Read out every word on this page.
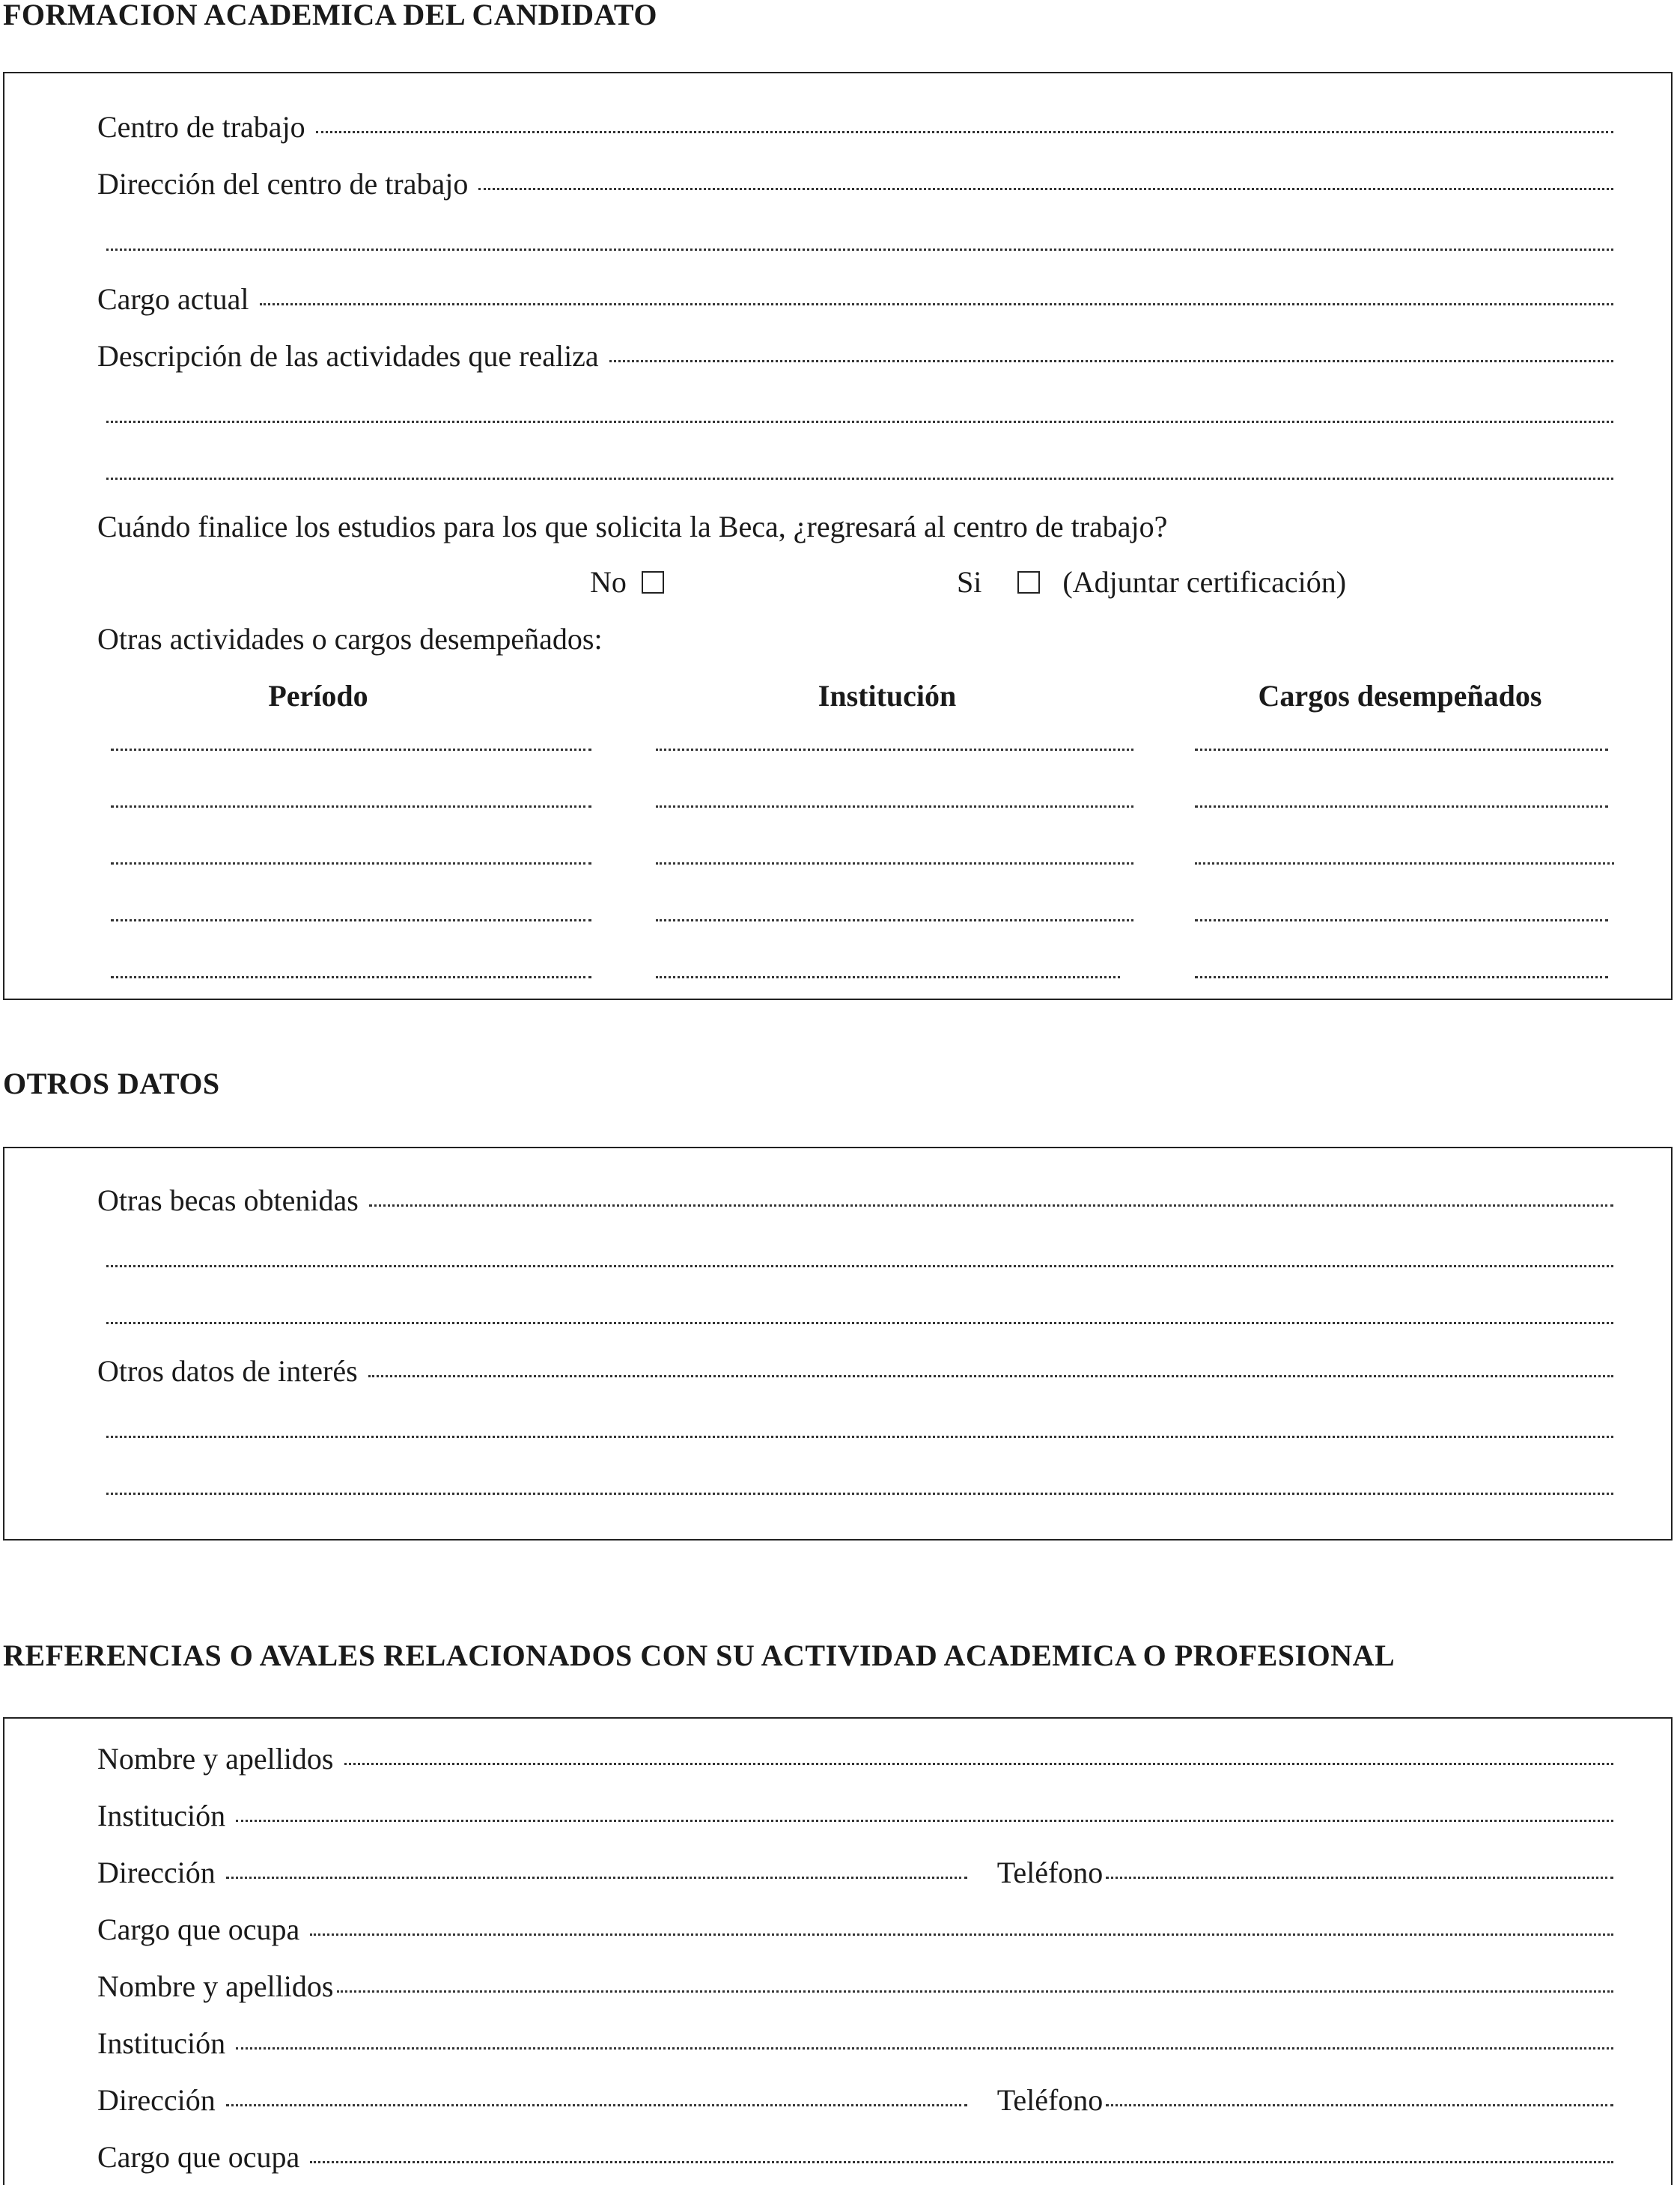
FORMACION ACADEMICA DEL CANDIDATO
Centro de trabajo
Dirección del centro de trabajo
Cargo actual
Descripción de las actividades que realiza
Cuándo finalice los estudios para los que solicita la Beca, ¿regresará al centro de trabajo?
No	Si	(Adjuntar certificación)
Otras actividades o cargos desempeñados:
Período	Institución	Cargos desempeñados
OTROS DATOS
Otras becas obtenidas
Otros datos de interés
REFERENCIAS O AVALES RELACIONADOS CON SU ACTIVIDAD ACADEMICA O PROFESIONAL
Nombre y apellidos
Institución
Dirección	Teléfono
Cargo que ocupa
Nombre y apellidos
Institución
Dirección	Teléfono
Cargo que ocupa
